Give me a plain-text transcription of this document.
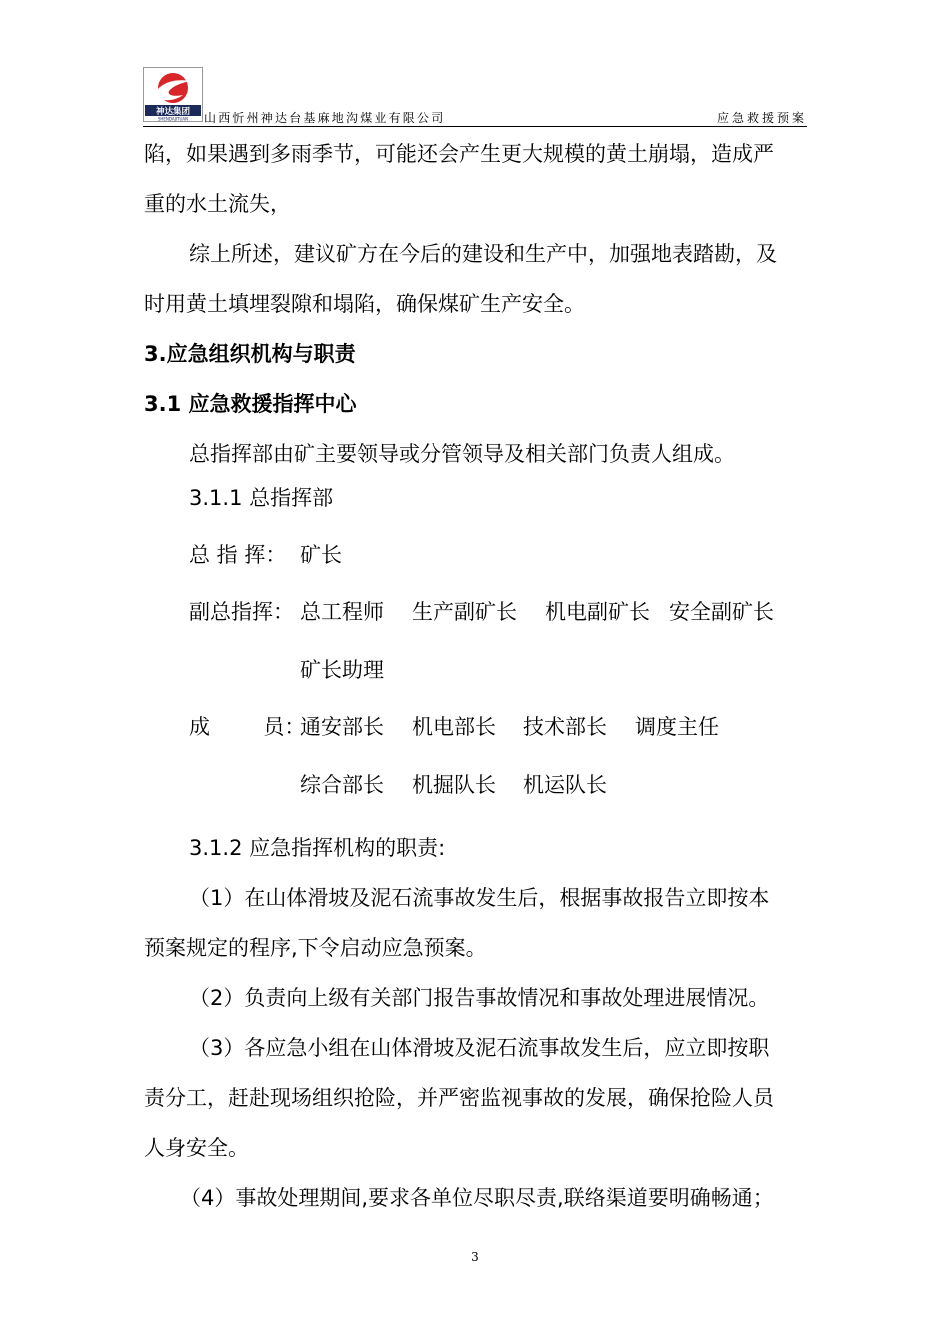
神达集团
SHENDAJITUAN 山西忻州神达台基麻地沟煤业有限公司	应急救援预案
陷，如果遇到多雨季节，可能还会产生更大规模的黄土崩塌，造成严
重的水土流失，
综上所述，建议矿方在今后的建设和生产中，加强地表踏勘，及
时用黄土填埋裂隙和塌陷，确保煤矿生产安全。
3.应急组织机构与职责
3.1 应急救援指挥中心
总指挥部由矿主要领导或分管领导及相关部门负责人组成。
3.1.1 总指挥部
总 指 挥： 矿长
副总指挥： 总工程师 生产副矿长 机电副矿长 安全副矿长
矿长助理
成        员：
通安部长 机电部长 技术部长 调度主任
综合部长 机掘队长 机运队长
3.1.2 应急指挥机构的职责:
（1）在山体滑坡及泥石流事故发生后，根据事故报告立即按本
预案规定的程序,下令启动应急预案。
（2）负责向上级有关部门报告事故情况和事故处理进展情况。
（3）各应急小组在山体滑坡及泥石流事故发生后，应立即按职
责分工，赶赴现场组织抢险，并严密监视事故的发展，确保抢险人员
人身安全。
（4）事故处理期间,要求各单位尽职尽责,联络渠道要明确畅通；
3
